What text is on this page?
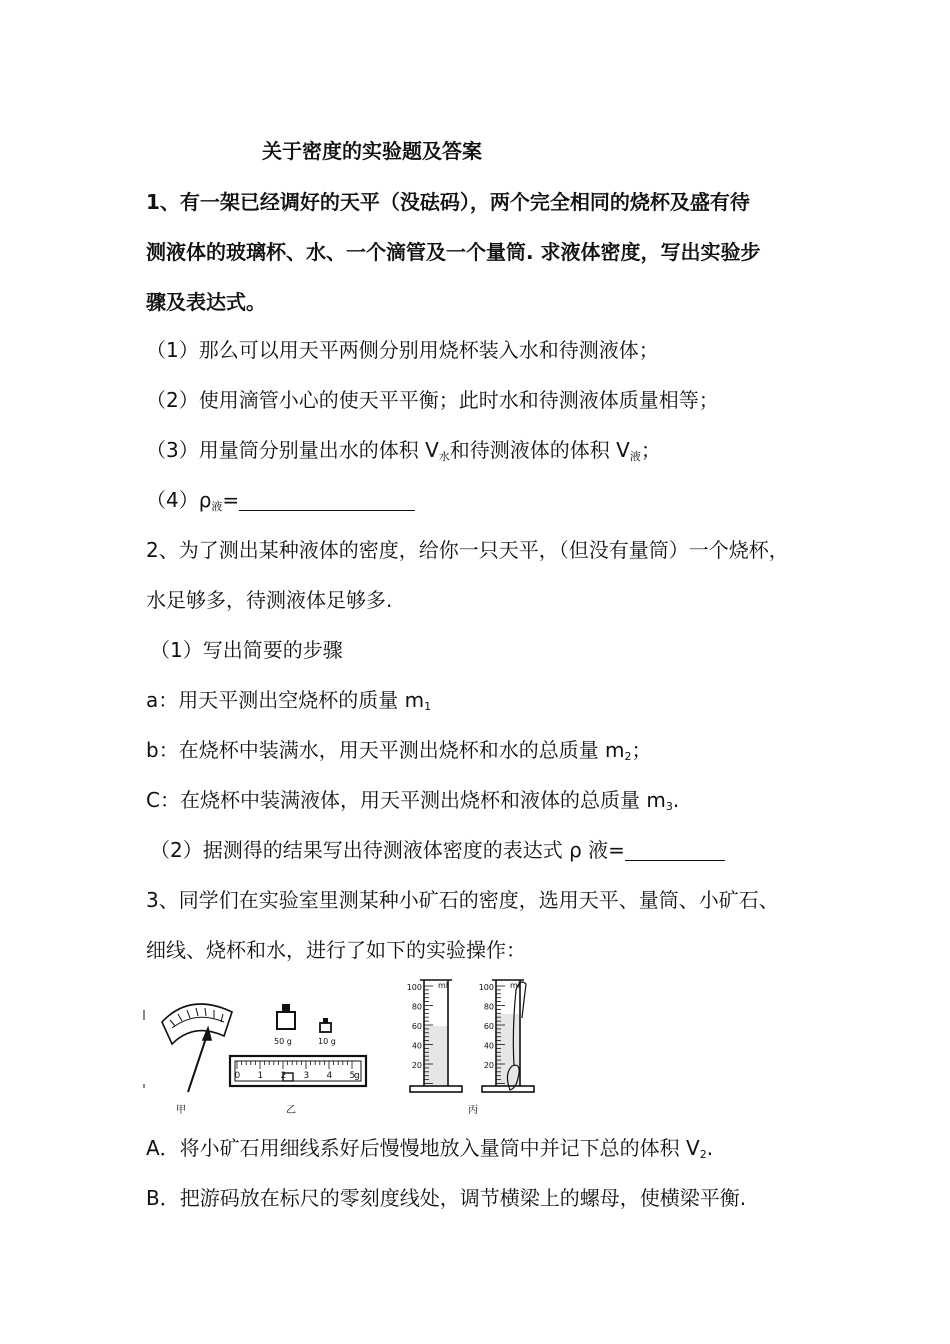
关于密度的实验题及答案
1、有一架已经调好的天平（没砝码），两个完全相同的烧杯及盛有待
测液体的玻璃杯、水、一个滴管及一个量筒. 求液体密度，写出实验步
骤及表达式。
（1）那么可以用天平两侧分别用烧杯装入水和待测液体；
（2）使用滴管小心的使天平平衡；此时水和待测液体质量相等；
（3）用量筒分别量出水的体积 $V_水$和待测液体的体积 $V_液$；
$(4)\rho_液=$
2、为了测出某种液体的密度，给你一只天平，（但没有量筒）一个烧杯，
水足够多，待测液体足够多.
（1）写出简要的步骤
a：用天平测出空烧杯的质量 $m_1$
b：在烧杯中装满水，用天平测出烧杯和水的总质量 $m_2$；
C：在烧杯中装满液体，用天平测出烧杯和液体的总质量 $m_3$.
（2）据测得的结果写出待测液体密度的表达式 ρ 液=
3、同学们在实验室里测某种小矿石的密度，选用天平、量筒、小矿石、
细线、烧杯和水，进行了如下的实验操作：
甲
50 g	10 g
0 1 2 3 4 5
g
乙
100
80
60
40
20
ml	100
80
60
40
20
ml
丙
A．将小矿石用细线系好后慢慢地放入量筒中并记下总的体积 $V_2$.
B．把游码放在标尺的零刻度线处，调节横梁上的螺母，使横梁平衡.
